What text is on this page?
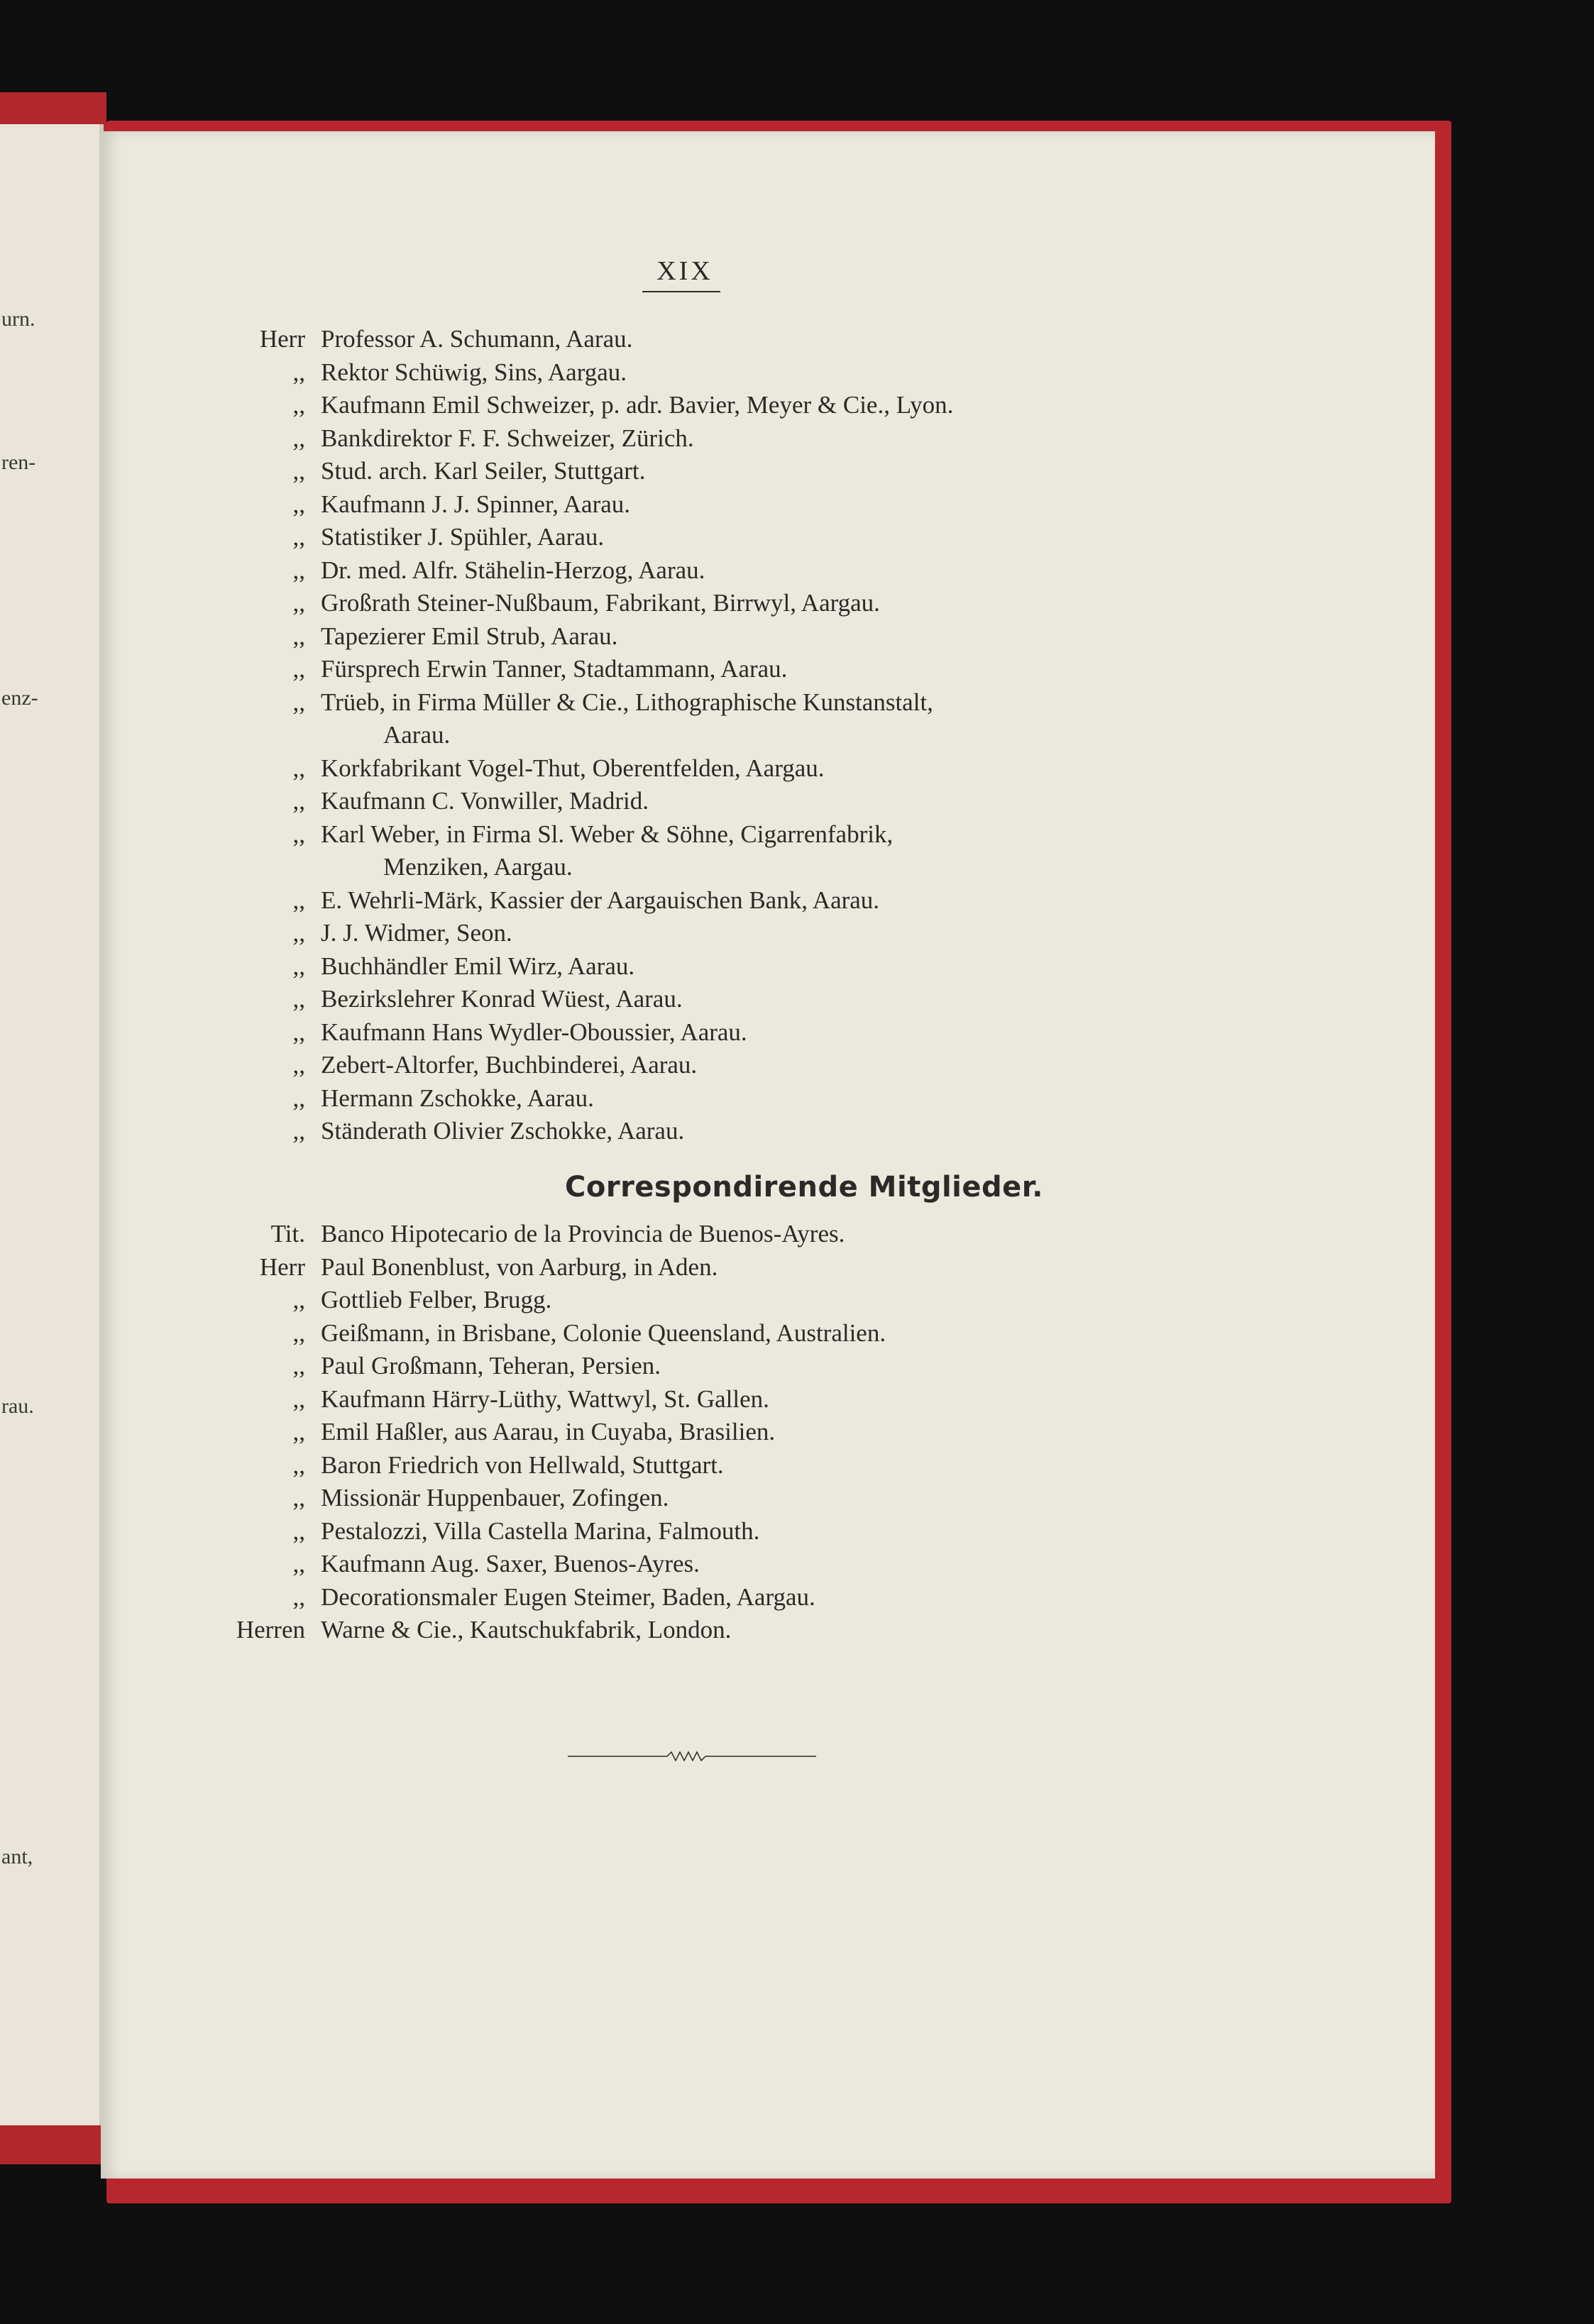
urn.
ren-
enz-
rau.
ant,
XIX
Herr Professor A. Schumann, Aarau.
,, Rektor Schüwig, Sins, Aargau.
,, Kaufmann Emil Schweizer, p. adr. Bavier, Meyer & Cie., Lyon.
,, Bankdirektor F. F. Schweizer, Zürich.
,, Stud. arch. Karl Seiler, Stuttgart.
,, Kaufmann J. J. Spinner, Aarau.
,, Statistiker J. Spühler, Aarau.
,, Dr. med. Alfr. Stähelin-Herzog, Aarau.
,, Großrath Steiner-Nußbaum, Fabrikant, Birrwyl, Aargau.
,, Tapezierer Emil Strub, Aarau.
,, Fürsprech Erwin Tanner, Stadtammann, Aarau.
,, Trüeb, in Firma Müller & Cie., Lithographische Kunstanstalt,
Aarau.
,, Korkfabrikant Vogel-Thut, Oberentfelden, Aargau.
,, Kaufmann C. Vonwiller, Madrid.
,, Karl Weber, in Firma Sl. Weber & Söhne, Cigarrenfabrik,
Menziken, Aargau.
,, E. Wehrli-Märk, Kassier der Aargauischen Bank, Aarau.
,, J. J. Widmer, Seon.
,, Buchhändler Emil Wirz, Aarau.
,, Bezirkslehrer Konrad Wüest, Aarau.
,, Kaufmann Hans Wydler-Oboussier, Aarau.
,, Zebert-Altorfer, Buchbinderei, Aarau.
,, Hermann Zschokke, Aarau.
,, Ständerath Olivier Zschokke, Aarau.
Correspondirende Mitglieder.
Tit. Banco Hipotecario de la Provincia de Buenos-Ayres.
Herr Paul Bonenblust, von Aarburg, in Aden.
,, Gottlieb Felber, Brugg.
,, Geißmann, in Brisbane, Colonie Queensland, Australien.
,, Paul Großmann, Teheran, Persien.
,, Kaufmann Härry-Lüthy, Wattwyl, St. Gallen.
,, Emil Haßler, aus Aarau, in Cuyaba, Brasilien.
,, Baron Friedrich von Hellwald, Stuttgart.
,, Missionär Huppenbauer, Zofingen.
,, Pestalozzi, Villa Castella Marina, Falmouth.
,, Kaufmann Aug. Saxer, Buenos-Ayres.
,, Decorationsmaler Eugen Steimer, Baden, Aargau.
Herren Warne & Cie., Kautschukfabrik, London.
